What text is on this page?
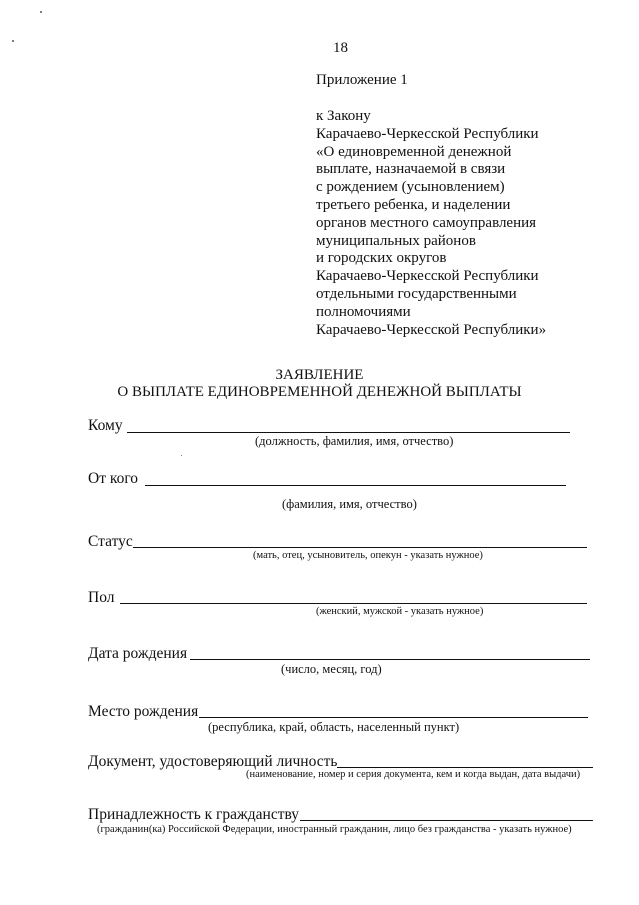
18
Приложение 1
к Закону
Карачаево-Черкесской Республики
«О единовременной денежной
выплате, назначаемой в связи
с рождением (усыновлением)
третьего ребенка, и наделении
органов местного самоуправления
муниципальных районов
и городских округов
Карачаево-Черкесской Республики
отдельными государственными
полномочиями
Карачаево-Черкесской Республики»
ЗАЯВЛЕНИЕ
О ВЫПЛАТЕ ЕДИНОВРЕМЕННОЙ ДЕНЕЖНОЙ ВЫПЛАТЫ
Кому
(должность, фамилия, имя, отчество)
От кого
(фамилия, имя, отчество)
Статус
(мать, отец, усыновитель, опекун - указать нужное)
Пол
(женский, мужской - указать нужное)
Дата рождения
(число, месяц, год)
Место рождения
(республика, край, область, населенный пункт)
Документ, удостоверяющий личность
(наименование, номер и серия документа, кем и когда выдан, дата выдачи)
Принадлежность к гражданству
(гражданин(ка) Российской Федерации, иностранный гражданин, лицо без гражданства - указать нужное)
